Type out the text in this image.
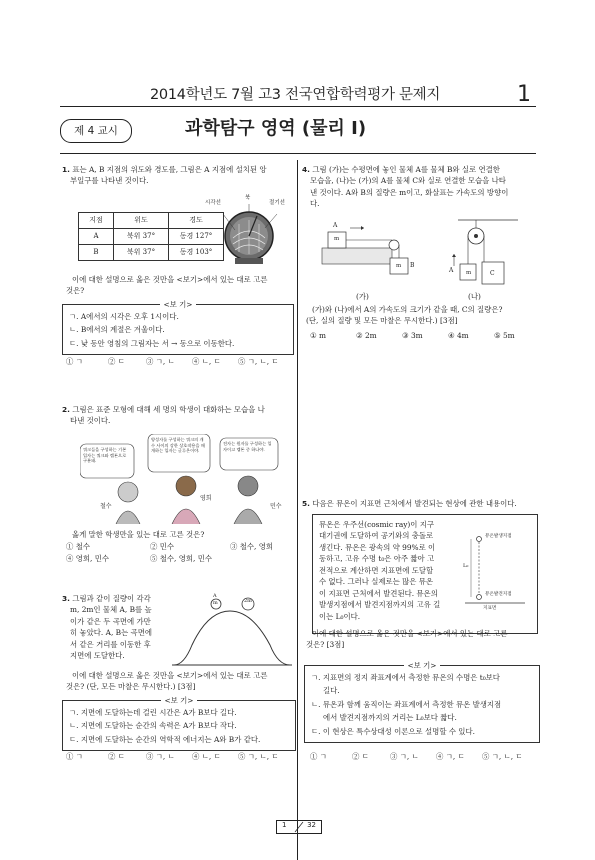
2014학년도 7월 고3 전국연합학력평가 문제지	1
제 4 교시	과학탐구 영역 (물리 Ⅰ)

1. 표는 A, B 지점의 위도와 경도를, 그림은 A 지점에 설치된 앙

부일구를 나타낸 것이다.

지점	위도	경도
A	북위 37°	동경 127°
B	북위 37°	동경 103°
시각선
북
절기선

이에 대한 설명으로 옳은 것만을 <보기>에서 있는 대로 고른

것은?

<보 기>

ㄱ. A에서의 시각은 오후 1시이다.

ㄴ. B에서의 계절은 겨울이다.

ㄷ. 낮 동안 영침의 그림자는 서 → 동으로 이동한다.

① ㄱ	② ㄷ	③ ㄱ, ㄴ ④ ㄴ, ㄷ ⑤ ㄱ, ㄴ, ㄷ

2. 그림은 표준 모형에 대해 세 명의 학생이 대화하는 모습을 나

타낸 것이다.

쿼크들을 구성하는 기본 입자는 쿼크와 렙톤으로 구분돼.
양성자를 구성하는 쿼크의 개수 사이의 강한 상호작용을 매개하는 입자는 글루온이야.
전자는 원자를 구성하는 입자이고 렙톤 중 하나야.
철수
영희
민수
옳게 말한 학생만을 있는 대로 고른 것은?
① 철수	② 민수	③ 철수, 영희
④ 영희, 민수	⑤ 철수, 영희, 민수

3. 그림과 같이 질량이 각각

m, 2m인 물체 A, B를 높

이가 같은 두 곡면에 가만

히 놓았다. A, B는 곡면에

서 같은 거리를 이동한 후

지면에 도달한다.

A
2m
m

이에 대한 설명으로 옳은 것만을 <보기>에서 있는 대로 고른

것은? (단, 모든 마찰은 무시한다.) [3점]

<보 기>

ㄱ. 지면에 도달하는데 걸린 시간은 A가 B보다 길다.

ㄴ. 지면에 도달하는 순간의 속력은 A가 B보다 작다.

ㄷ. 지면에 도달하는 순간의 역학적 에너지는 A와 B가 같다.

① ㄱ	② ㄷ	③ ㄱ, ㄴ ④ ㄴ, ㄷ ⑤ ㄱ, ㄴ, ㄷ

4. 그림 (가)는 수평면에 놓인 물체 A를 물체 B와 실로 연결한

모습을, (나)는 (가)의 A를 물체 C와 실로 연결한 모습을 나타

낸 것이다. A와 B의 질량은 m이고, 화살표는 가속도의 방향이

다.

A
m
m B
A m	C
(가)	(나)

(가)와 (나)에서 A의 가속도의 크기가 같을 때, C의 질량은?

(단, 실의 질량 및 모든 마찰은 무시한다.) [3점]

① m	② 2m	③ 3m	④ 4m	⑤ 5m

5. 다음은 뮤온이 지표면 근처에서 발견되는 현상에 관한 내용이다.

뮤온은 우주선(cosmic ray)이 지구
대기권에 도달하여 공기와의 충돌로
생긴다. 뮤온은 광속의 약 99%로 이
동하고, 고유 수명 t₀은 아주 짧아 고
전적으로 계산하면 지표면에 도달할
수 없다. 그러나 실제로는 많은 뮤온
이 지표면 근처에서 발견된다. 뮤온의
발생지점에서 발견지점까지의 고유 길
이는 L₀이다.
뮤온발생지점
뮤온발견지점
L₀
지표면

이에 대한 설명으로 옳은 것만을 <보기>에서 있는 대로 고른

것은? [3점]

<보 기>

ㄱ. 지표면의 정지 좌표계에서 측정한 뮤온의 수명은 t₀보다

길다.

ㄴ. 뮤온과 함께 움직이는 좌표계에서 측정한 뮤온 발생지점

에서 발견지점까지의 거리는 L₀보다 짧다.

ㄷ. 이 현상은 특수상대성 이론으로 설명할 수 있다.

① ㄱ	② ㄷ	③ ㄱ, ㄴ ④ ㄱ, ㄷ ⑤ ㄱ, ㄴ, ㄷ
1	32
